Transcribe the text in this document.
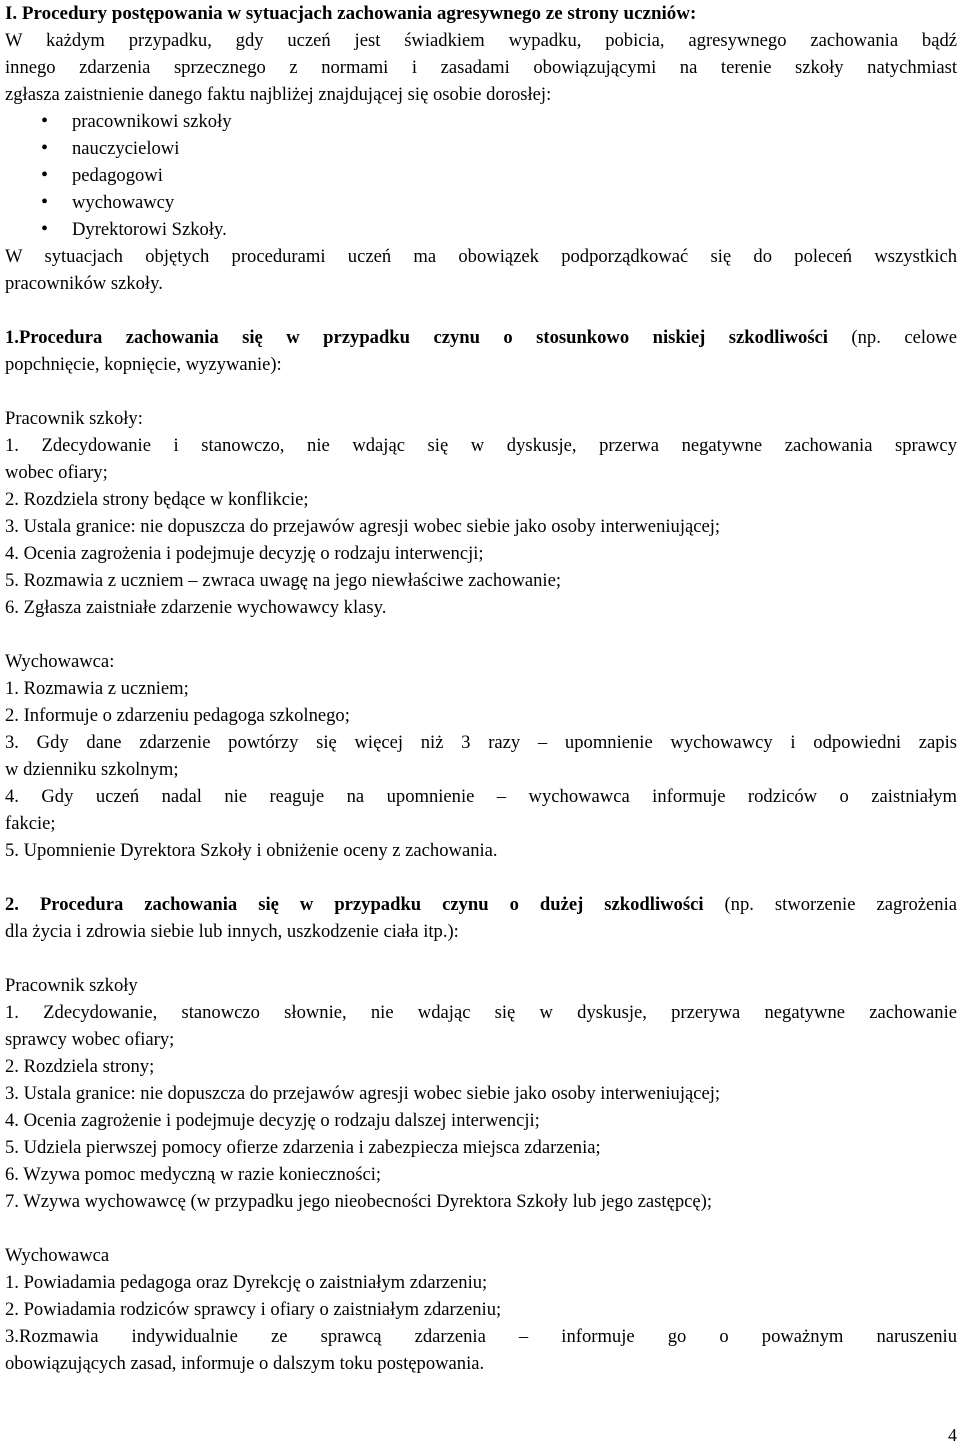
I. Procedury postępowania w sytuacjach zachowania agresywnego ze strony uczniów:

W każdym przypadku, gdy uczeń jest świadkiem wypadku, pobicia, agresywnego zachowania bądź

innego zdarzenia sprzecznego z normami i zasadami obowiązującymi na terenie szkoły natychmiast

zgłasza zaistnienie danego faktu najbliżej znajdującej się osobie dorosłej:

• pracownikowi szkoły
• nauczycielowi
• pedagogowi
• wychowawcy
• Dyrektorowi Szkoły.

W sytuacjach objętych procedurami uczeń ma obowiązek podporządkować się do poleceń wszystkich

pracowników szkoły.

1.Procedura zachowania się w przypadku czynu o stosunkowo niskiej szkodliwości (np. celowe

popchnięcie, kopnięcie, wyzywanie):

Pracownik szkoły:

1. Zdecydowanie i stanowczo, nie wdając się w dyskusje, przerwa negatywne zachowania sprawcy

wobec ofiary;

2. Rozdziela strony będące w konflikcie;

3. Ustala granice: nie dopuszcza do przejawów agresji wobec siebie jako osoby interweniującej;

4. Ocenia zagrożenia i podejmuje decyzję o rodzaju interwencji;

5. Rozmawia z uczniem – zwraca uwagę na jego niewłaściwe zachowanie;

6. Zgłasza zaistniałe zdarzenie wychowawcy klasy.

Wychowawca:

1. Rozmawia z uczniem;

2. Informuje o zdarzeniu pedagoga szkolnego;

3. Gdy dane zdarzenie powtórzy się więcej niż 3 razy – upomnienie wychowawcy i odpowiedni zapis

w dzienniku szkolnym;

4. Gdy uczeń nadal nie reaguje na upomnienie – wychowawca informuje rodziców o zaistniałym

fakcie;

5. Upomnienie Dyrektora Szkoły i obniżenie oceny z zachowania.

2. Procedura zachowania się w przypadku czynu o dużej szkodliwości (np. stworzenie zagrożenia

dla życia i zdrowia siebie lub innych, uszkodzenie ciała itp.):

Pracownik szkoły

1. Zdecydowanie, stanowczo słownie, nie wdając się w dyskusje, przerywa negatywne zachowanie

sprawcy wobec ofiary;

2. Rozdziela strony;

3. Ustala granice: nie dopuszcza do przejawów agresji wobec siebie jako osoby interweniującej;

4. Ocenia zagrożenie i podejmuje decyzję o rodzaju dalszej interwencji;

5. Udziela pierwszej pomocy ofierze zdarzenia i zabezpiecza miejsca zdarzenia;

6. Wzywa pomoc medyczną w razie konieczności;

7. Wzywa wychowawcę (w przypadku jego nieobecności Dyrektora Szkoły lub jego zastępcę);

Wychowawca

1. Powiadamia pedagoga oraz Dyrekcję o zaistniałym zdarzeniu;

2. Powiadamia rodziców sprawcy i ofiary o zaistniałym zdarzeniu;

3.Rozmawia indywidualnie ze sprawcą zdarzenia – informuje go o poważnym naruszeniu

obowiązujących zasad, informuje o dalszym toku postępowania.

4
